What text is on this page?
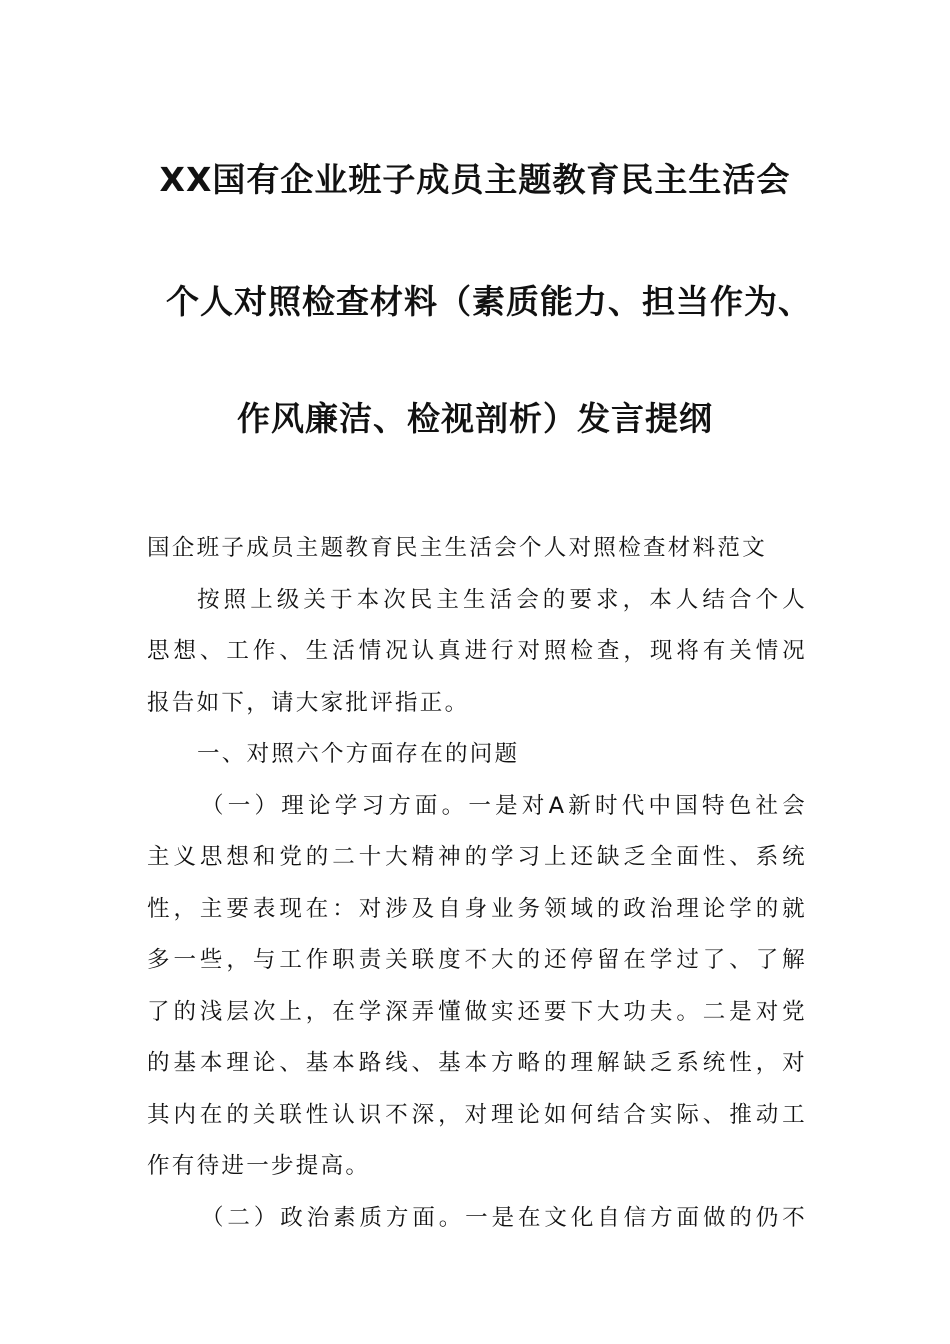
XX国有企业班子成员主题教育民主生活会
个人对照检查材料（素质能力、担当作为、
作风廉洁、检视剖析）发言提纲
国企班子成员主题教育民主生活会个人对照检查材料范文
按照上级关于本次民主生活会的要求，本人结合个人
思想、工作、生活情况认真进行对照检查，现将有关情况
报告如下，请大家批评指正。
一、对照六个方面存在的问题
（一）理论学习方面。一是对A新时代中国特色社会
主义思想和党的二十大精神的学习上还缺乏全面性、系统
性，主要表现在：对涉及自身业务领域的政治理论学的就
多一些，与工作职责关联度不大的还停留在学过了、了解
了的浅层次上，在学深弄懂做实还要下大功夫。二是对党
的基本理论、基本路线、基本方略的理解缺乏系统性，对
其内在的关联性认识不深，对理论如何结合实际、推动工
作有待进一步提高。
（二）政治素质方面。一是在文化自信方面做的仍不
